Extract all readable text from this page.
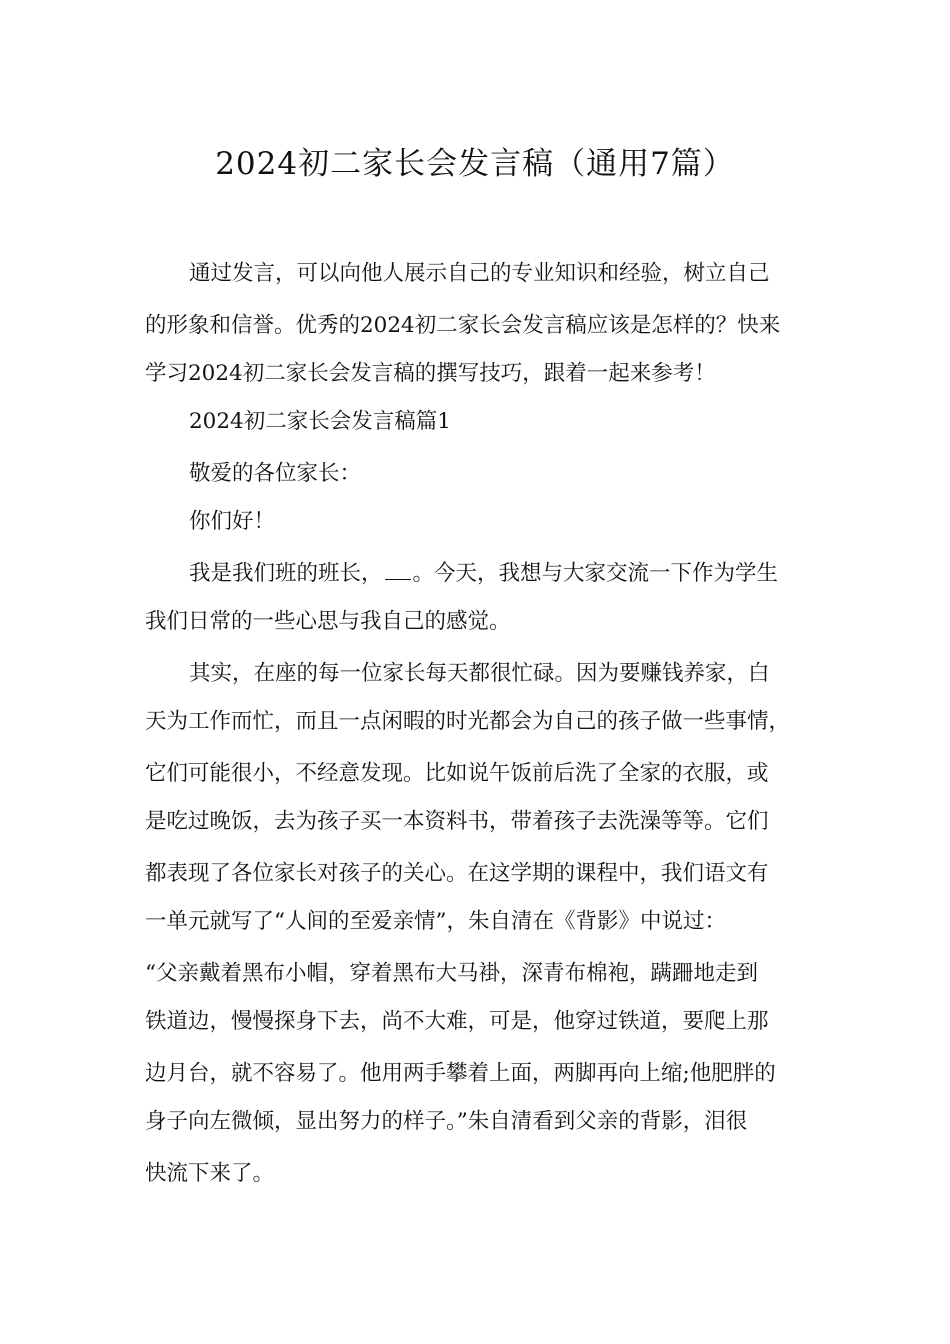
2024初二家长会发言稿（通用7篇）
通过发言，可以向他人展示自己的专业知识和经验，树立自己
的形象和信誉。优秀的2024初二家长会发言稿应该是怎样的？快来
学习2024初二家长会发言稿的撰写技巧，跟着一起来参考！
2024初二家长会发言稿篇1
敬爱的各位家长：
你们好！
我是我们班的班长， 。今天，我想与大家交流一下作为学生
我们日常的一些心思与我自己的感觉。
其实，在座的每一位家长每天都很忙碌。因为要赚钱养家，白
天为工作而忙，而且一点闲暇的时光都会为自己的孩子做一些事情，
它们可能很小，不经意发现。比如说午饭前后洗了全家的衣服，或
是吃过晚饭，去为孩子买一本资料书，带着孩子去洗澡等等。它们
都表现了各位家长对孩子的关心。在这学期的课程中，我们语文有
一单元就写了“人间的至爱亲情”，朱自清在《背影》中说过：
“父亲戴着黑布小帽，穿着黑布大马褂，深青布棉袍，蹒跚地走到
铁道边，慢慢探身下去，尚不大难，可是，他穿过铁道，要爬上那
边月台，就不容易了。他用两手攀着上面，两脚再向上缩;他肥胖的
身子向左微倾，显出努力的样子。”朱自清看到父亲的背影，泪很
快流下来了。
